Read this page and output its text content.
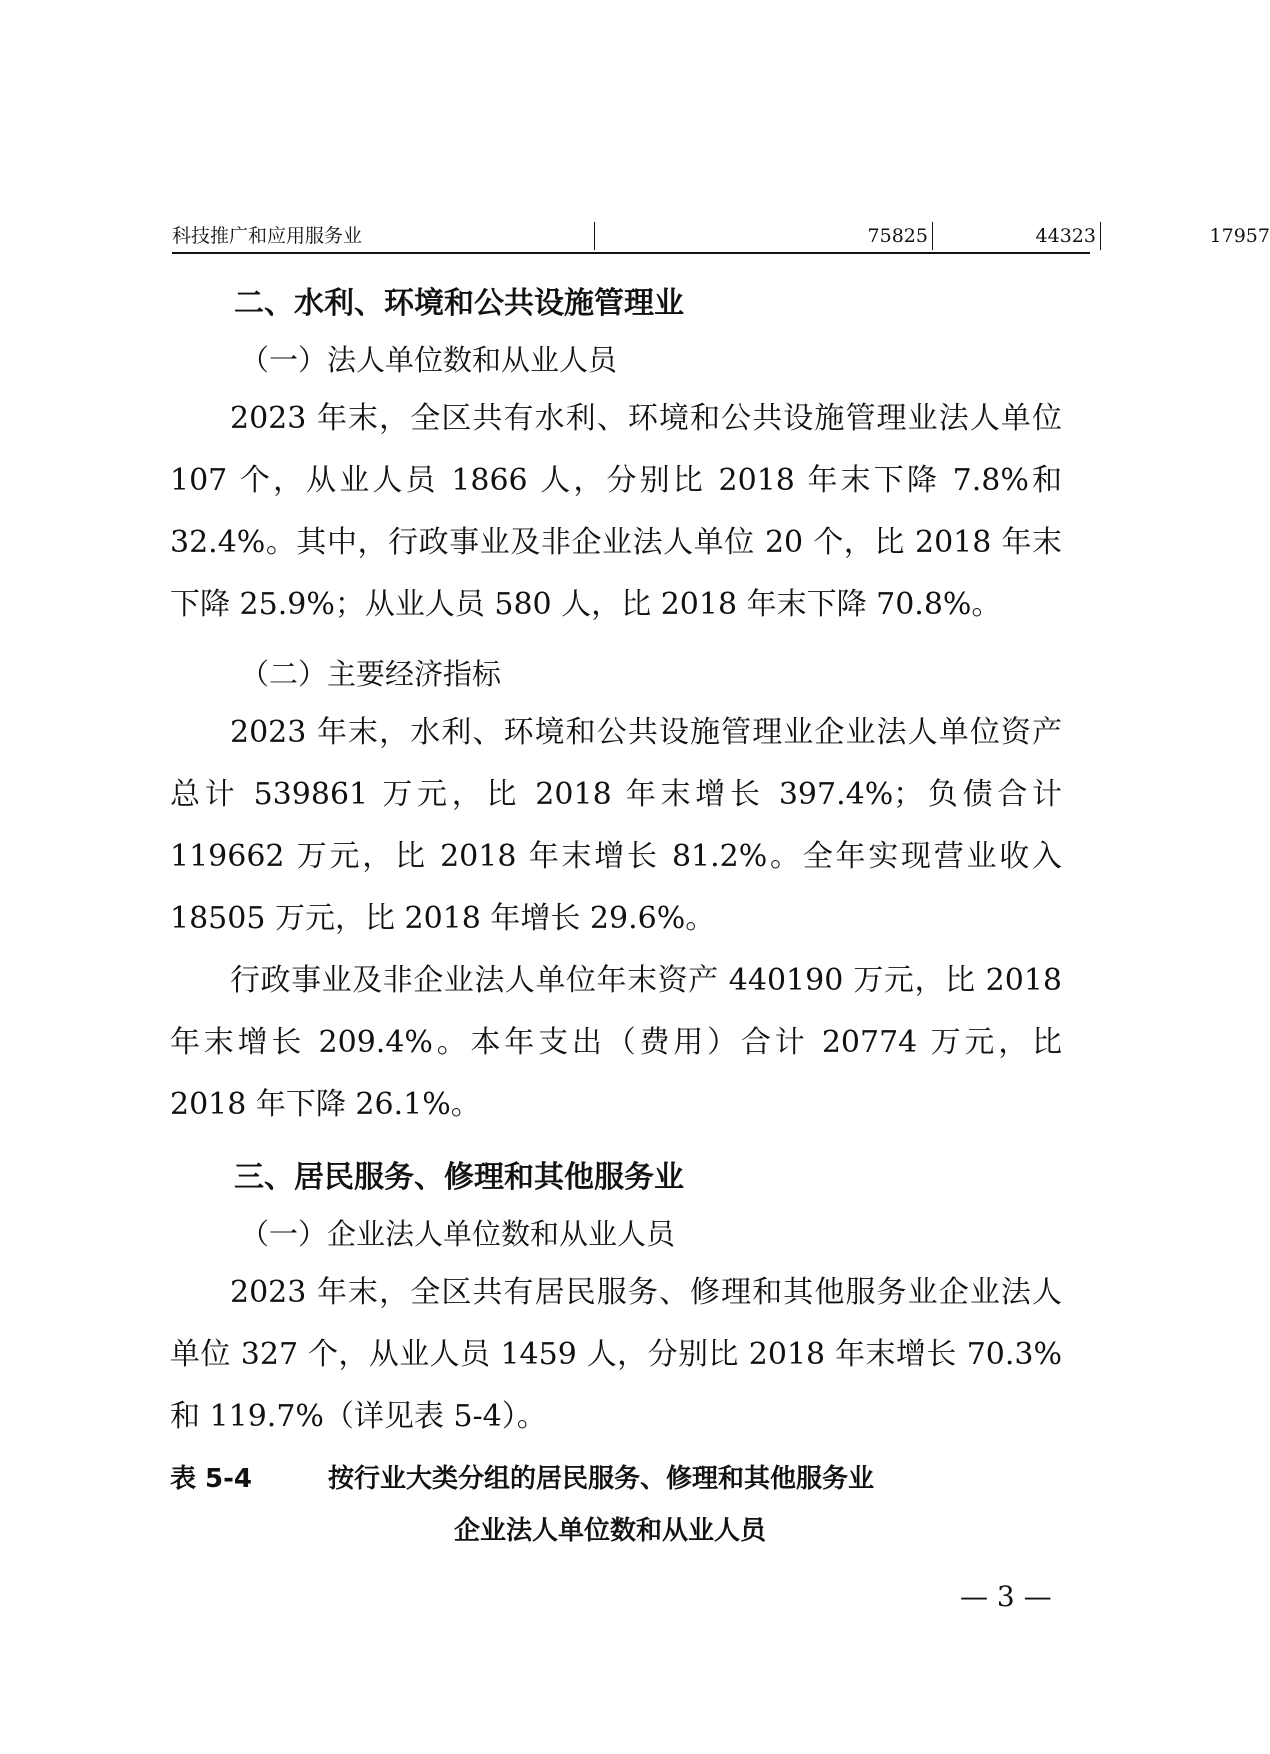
科技推广和应用服务业	75825	44323	17957
二、水利、环境和公共设施管理业
（一）法人单位数和从业人员
2023 年末，全区共有水利、环境和公共设施管理业法人单位 107 个，从业人员 1866 人，分别比 2018 年末下降 7.8%和 32.4%。其中，行政事业及非企业法人单位 20 个，比 2018 年末下降 25.9%；从业人员 580 人，比 2018 年末下降 70.8%。
（二）主要经济指标
2023 年末，水利、环境和公共设施管理业企业法人单位资产总计 539861 万元，比 2018 年末增长 397.4%；负债合计 119662 万元，比 2018 年末增长 81.2%。全年实现营业收入 18505 万元，比 2018 年增长 29.6%。
行政事业及非企业法人单位年末资产 440190 万元，比 2018 年末增长 209.4%。本年支出（费用）合计 20774 万元，比 2018 年下降 26.1%。
三、居民服务、修理和其他服务业
（一）企业法人单位数和从业人员
2023 年末，全区共有居民服务、修理和其他服务业企业法人单位 327 个，从业人员 1459 人，分别比 2018 年末增长 70.3%和 119.7%（详见表 5-4）。
表 5-4	按行业大类分组的居民服务、修理和其他服务业
企业法人单位数和从业人员
— 3 —
